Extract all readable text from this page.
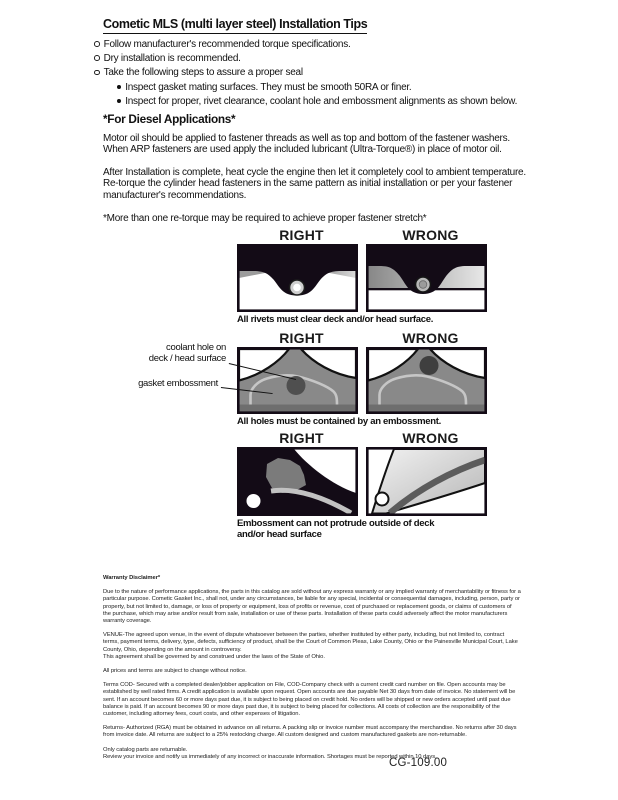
Cometic MLS (multi layer steel) Installation Tips
Follow manufacturer's recommended torque specifications.
Dry installation is recommended.
Take the following steps to assure a proper seal
Inspect gasket mating surfaces. They must be smooth 50RA or finer.
Inspect for proper, rivet clearance, coolant hole and embossment alignments as shown below.
*For Diesel Applications*

Motor oil should be applied to fastener threads as well as top and bottom of the fastener washers. When ARP fasteners are used apply the included lubricant (Ultra-Torque®) in place of motor oil.

After Installation is complete, heat cycle the engine then let it completely cool to ambient temperature. Re-torque the cylinder head fasteners in the same pattern as initial installation or per your fastener manufacturer's recommendations.

*More than one re-torque may be required to achieve proper fastener stretch*

RIGHT	WRONG
All rivets must clear deck and/or head surface.
RIGHT	WRONG
All holes must be contained by an embossment.
coolant hole on
deck / head surface
gasket embossment
RIGHT	WRONG
Embossment can not protrude outside of deck
and/or head surface
Warranty Disclaimer*

Due to the nature of performance applications, the parts in this catalog are sold without any express warranty or any implied warranty of merchantability or fitness for a particular purpose. Cometic Gasket Inc., shall not, under any circumstances, be liable for any special, incidental or consequential damages, including, person, party or property, but not limited to, damage, or loss of property or equipment, loss of profits or revenue, cost of purchased or replacement goods, or claims of customers of the purchase, which may arise and/or result from sale, installation or use of these parts. Installation of these parts could adversely affect the motor manufacturers warranty coverage.

VENUE-The agreed upon venue, in the event of dispute whatsoever between the parties, whether instituted by either party, including, but not limited to, contract terms, payment terms, delivery, type, defects, sufficiency of product, shall be the Court of Common Pleas, Lake County, Ohio or the Painesville Municipal Court, Lake County, Ohio, depending on the amount in controversy.

This agreement shall be governed by and construed under the laws of the State of Ohio.

All prices and terms are subject to change without notice.

Terms COD- Secured with a completed dealer/jobber application on File, COD-Company check with a current credit card number on file. Open accounts may be established by well rated firms. A credit application is available upon request. Open accounts are due payable Net 30 days from date of invoice. No statement will be sent. If an account becomes 60 or more days past due, it is subject to being placed on credit hold. No orders will be shipped or new orders accepted until past due balance is paid. If an account becomes 90 or more days past due, it is subject to being placed for collections. All costs of collection are the responsibility of the customer, including attorney fees, court costs, and other expenses of litigation.

Returns- Authorized (RGA) must be obtained in advance on all returns. A packing slip or invoice number must accompany the merchandise. No returns after 30 days from invoice date. All returns are subject to a 25% restocking charge. All custom designed and custom manufactured gaskets are non-returnable.

Only catalog parts are returnable.

Review your invoice and notify us immediately of any incorrect or inaccurate information. Shortages must be reported within 10 days.

CG-109.00
